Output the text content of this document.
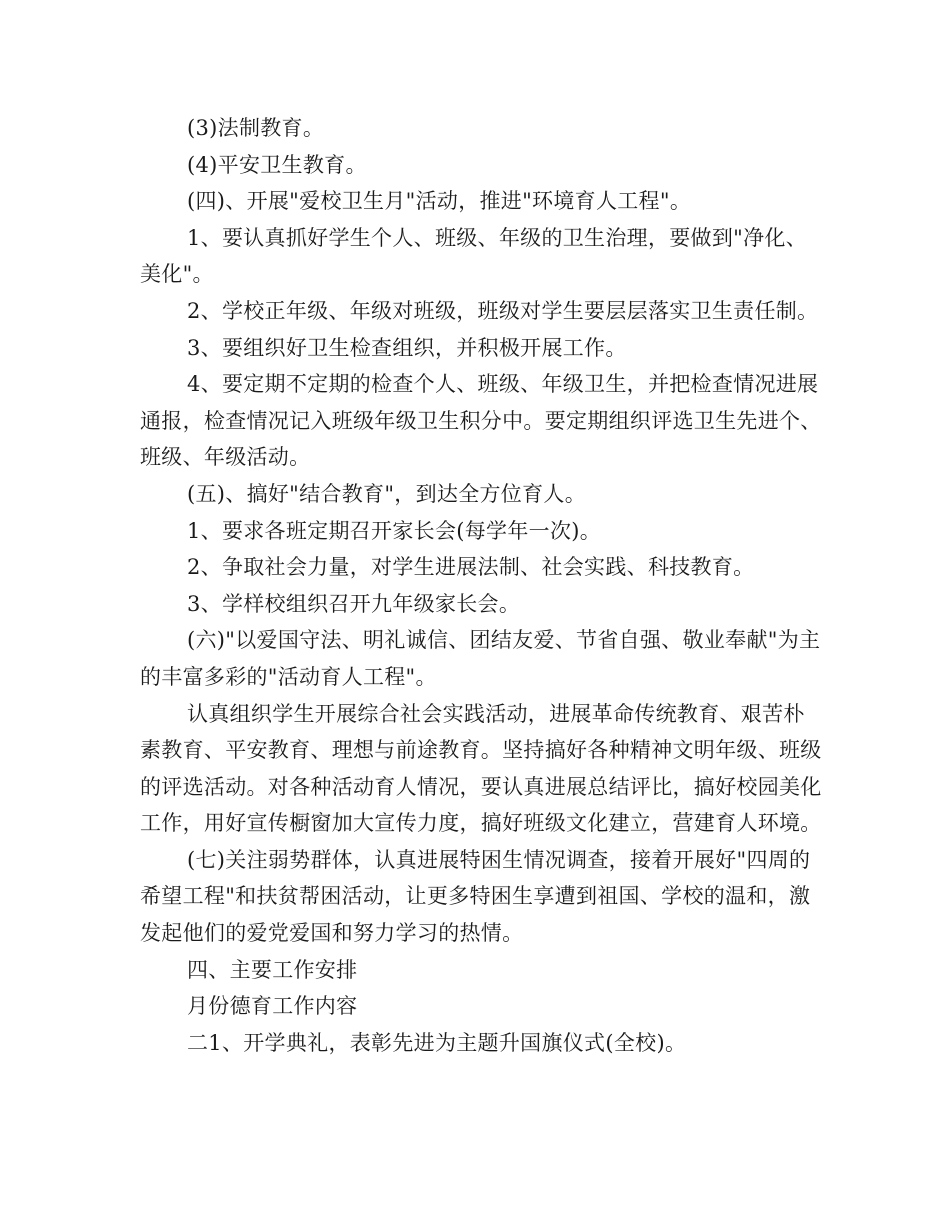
(3)法制教育。

(4)平安卫生教育。

(四)、开展"爱校卫生月"活动，推进"环境育人工程"。

1、要认真抓好学生个人、班级、年级的卫生治理，要做到"净化、美化"。

2、学校正年级、年级对班级，班级对学生要层层落实卫生责任制。

3、要组织好卫生检查组织，并积极开展工作。

4、要定期不定期的检查个人、班级、年级卫生，并把检查情况进展通报，检查情况记入班级年级卫生积分中。要定期组织评选卫生先进个、班级、年级活动。

(五)、搞好"结合教育"，到达全方位育人。

1、要求各班定期召开家长会(每学年一次)。

2、争取社会力量，对学生进展法制、社会实践、科技教育。

3、学样校组织召开九年级家长会。

(六)"以爱国守法、明礼诚信、团结友爱、节省自强、敬业奉献"为主的丰富多彩的"活动育人工程"。

认真组织学生开展综合社会实践活动，进展革命传统教育、艰苦朴素教育、平安教育、理想与前途教育。坚持搞好各种精神文明年级、班级的评选活动。对各种活动育人情况，要认真进展总结评比，搞好校园美化工作，用好宣传橱窗加大宣传力度，搞好班级文化建立，营建育人环境。

(七)关注弱势群体，认真进展特困生情况调查，接着开展好"四周的希望工程"和扶贫帮困活动，让更多特困生享遭到祖国、学校的温和，激发起他们的爱党爱国和努力学习的热情。

四、主要工作安排

月份德育工作内容

二1、开学典礼，表彰先进为主题升国旗仪式(全校)。
